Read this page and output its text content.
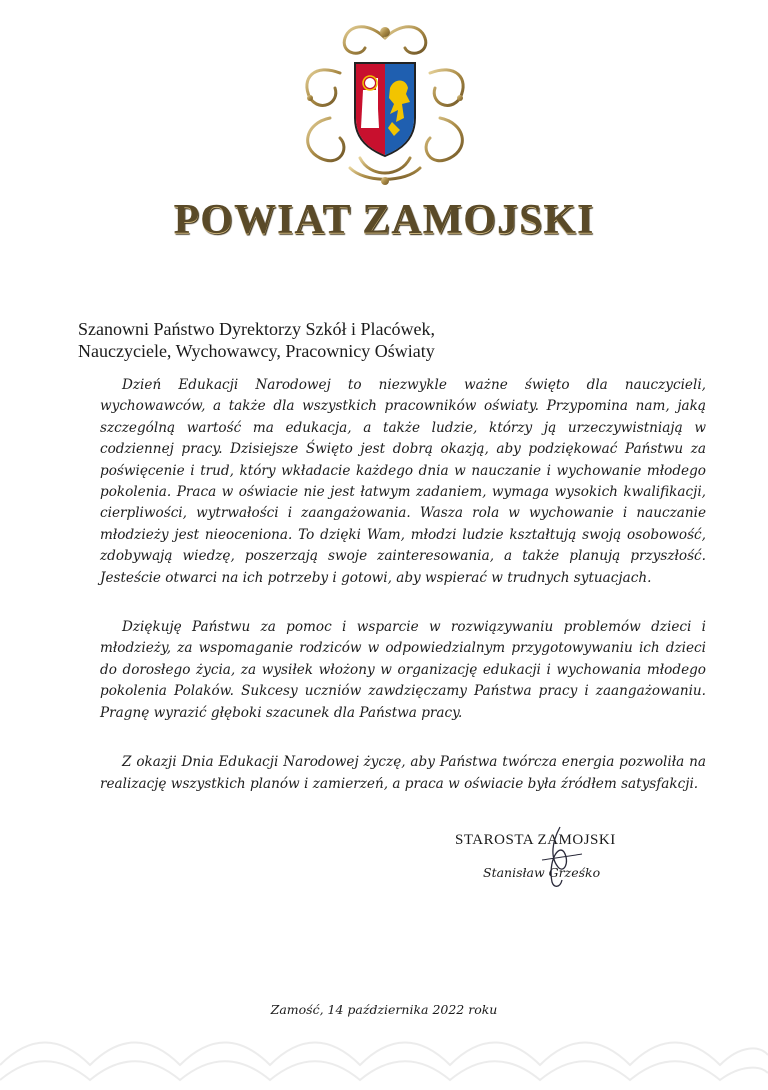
POWIAT ZAMOJSKI
Szanowni Państwo Dyrektorzy Szkół i Placówek,
Nauczyciele, Wychowawcy, Pracownicy Oświaty

Dzień Edukacji Narodowej to niezwykle ważne święto dla nauczycieli, wychowawców, a także dla wszystkich pracowników oświaty. Przypomina nam, jaką szczególną wartość ma edukacja, a także ludzie, którzy ją urzeczywistniają w codziennej pracy. Dzisiejsze Święto jest dobrą okazją, aby podziękować Państwu za poświęcenie i trud, który wkładacie każdego dnia w nauczanie i wychowanie młodego pokolenia. Praca w oświacie nie jest łatwym zadaniem, wymaga wysokich kwalifikacji, cierpliwości, wytrwałości i zaangażowania. Wasza rola w wychowanie i nauczanie młodzieży jest nieoceniona. To dzięki Wam, młodzi ludzie kształtują swoją osobowość, zdobywają wiedzę, poszerzają swoje zainteresowania, a także planują przyszłość. Jesteście otwarci na ich potrzeby i gotowi, aby wspierać w trudnych sytuacjach.

Dziękuję Państwu za pomoc i wsparcie w rozwiązywaniu problemów dzieci i młodzieży, za wspomaganie rodziców w odpowiedzialnym przygotowywaniu ich dzieci do dorosłego życia, za wysiłek włożony w organizację edukacji i wychowania młodego pokolenia Polaków. Sukcesy uczniów zawdzięczamy Państwa pracy i zaangażowaniu. Pragnę wyrazić głęboki szacunek dla Państwa pracy.

Z okazji Dnia Edukacji Narodowej życzę, aby Państwa twórcza energia pozwoliła na realizację wszystkich planów i zamierzeń, a praca w oświacie była źródłem satysfakcji.

STAROSTA ZAMOJSKI
Stanisław Grześko
Zamość, 14 października 2022 roku
